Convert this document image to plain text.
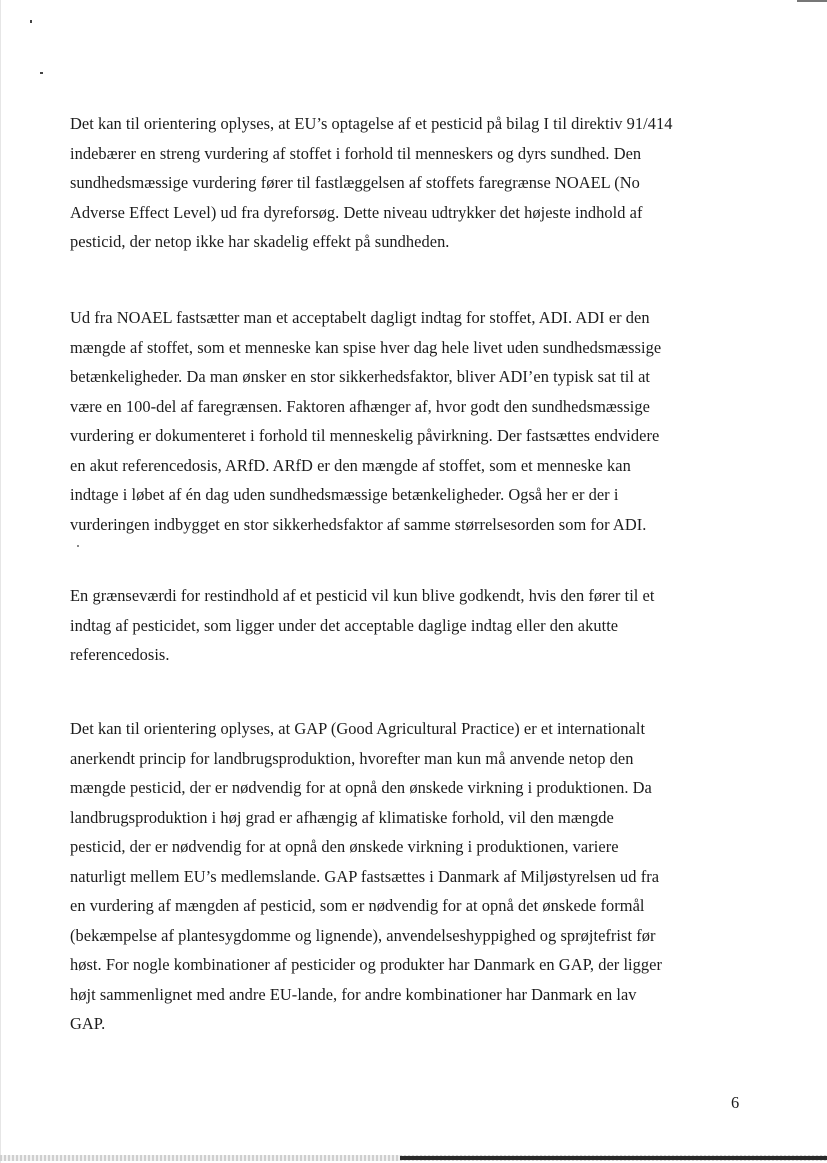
Det kan til orientering oplyses, at EU’s optagelse af et pesticid på bilag I til direktiv 91/414
indebærer en streng vurdering af stoffet i forhold til menneskers og dyrs sundhed. Den
sundhedsmæssige vurdering fører til fastlæggelsen af stoffets faregrænse NOAEL (No
Adverse Effect Level) ud fra dyreforsøg. Dette niveau udtrykker det højeste indhold af
pesticid, der netop ikke har skadelig effekt på sundheden.

Ud fra NOAEL fastsætter man et acceptabelt dagligt indtag for stoffet, ADI. ADI er den
mængde af stoffet, som et menneske kan spise hver dag hele livet uden sundhedsmæssige
betænkeligheder. Da man ønsker en stor sikkerhedsfaktor, bliver ADI’en typisk sat til at
være en 100-del af faregrænsen. Faktoren afhænger af, hvor godt den sundhedsmæssige
vurdering er dokumenteret i forhold til menneskelig påvirkning. Der fastsættes endvidere
en akut referencedosis, ARfD. ARfD er den mængde af stoffet, som et menneske kan
indtage i løbet af én dag uden sundhedsmæssige betænkeligheder. Også her er der i
vurderingen indbygget en stor sikkerhedsfaktor af samme størrelsesorden som for ADI.

En grænseværdi for restindhold af et pesticid vil kun blive godkendt, hvis den fører til et
indtag af pesticidet, som ligger under det acceptable daglige indtag eller den akutte
referencedosis.

Det kan til orientering oplyses, at GAP (Good Agricultural Practice) er et internationalt
anerkendt princip for landbrugsproduktion, hvorefter man kun må anvende netop den
mængde pesticid, der er nødvendig for at opnå den ønskede virkning i produktionen. Da
landbrugsproduktion i høj grad er afhængig af klimatiske forhold, vil den mængde
pesticid, der er nødvendig for at opnå den ønskede virkning i produktionen, variere
naturligt mellem EU’s medlemslande. GAP fastsættes i Danmark af Miljøstyrelsen ud fra
en vurdering af mængden af pesticid, som er nødvendig for at opnå det ønskede formål
(bekæmpelse af plantesygdomme og lignende), anvendelseshyppighed og sprøjtefrist før
høst. For nogle kombinationer af pesticider og produkter har Danmark en GAP, der ligger
højt sammenlignet med andre EU-lande, for andre kombinationer har Danmark en lav
GAP.

6
